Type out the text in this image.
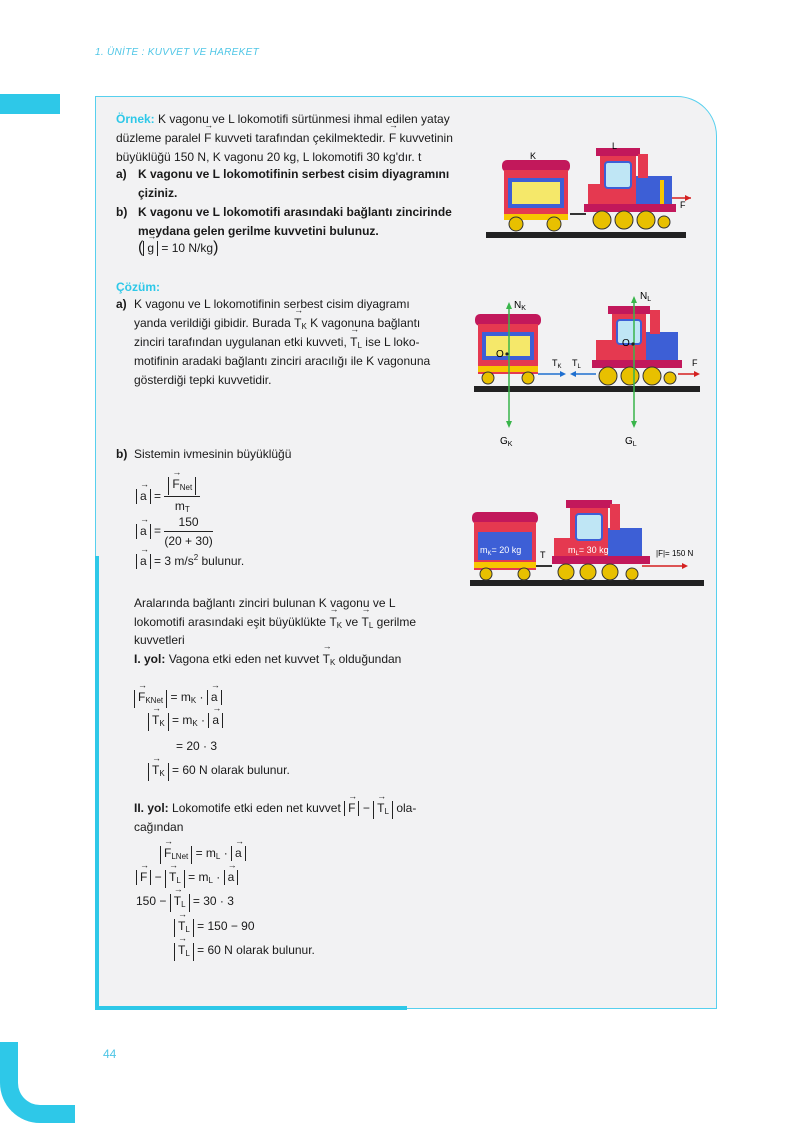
1. ÜNİTE : KUVVET VE HAREKET
44
Örnek: K vagonu ve L lokomotifi sürtünmesi ihmal edilen yatay
düzleme paralel → F kuvveti tarafından çekilmektedir. → F kuvvetinin
büyüklüğü 150 N, K vagonu 20 kg, L lokomotifi 30 kg'dır. t
a) K vagonu ve L lokomotifinin serbest cisim diyagramını
çiziniz.
b) K vagonu ve L lokomotifi arasındaki bağlantı zincirinde
meydana gelen gerilme kuvvetini bulunuz.
( → g = 10 N/kg)
Çözüm:
a) K vagonu ve L lokomotifinin serbest cisim diyagramı
yanda verildiği gibidir. Burada → $T_K$ K vagonuna bağlantı
zinciri tarafından uygulanan etki kuvveti, → $T_L$ ise L loko-
motifinin aradaki bağlantı zinciri aracılığı ile K vagonuna
gösterdiği tepki kuvvetidir.
b) Sistemin ivmesinin büyüklüğü
→ a = → $\frac{F_{Net}}{m_T}$
→ $a = \frac{150}{(20 + 30)}$
→ a = 3 $m/s^2$ bulunur.
Aralarında bağlantı zinciri bulunan K vagonu ve L
lokomotifi arasındaki eşit büyüklükte → $T_K$ ve → $T_L$ gerilme
kuvvetleri
I. yol: Vagona etki eden net kuvvet → $T_K$ olduğundan
→ $F_{KNet} = m_K$ · → a
→ $T_K = m_K$ · → a
= 20 · 3
→ $T_K = 60$ N olarak bulunur.
II. yol: Lokomotife etki eden net kuvvet → F − → $T_L$ ola-
cağından
→ $F_{LNet} = m_L$ · → a
→ F − → $T_L = m_L$ · → a
150 − → $T_L = 30 \cdot 3$
→ $T_L = 150 - 90$
→ $T_L = 60$ N olarak bulunur.
K
L
F
$N_K$
$N_L$
$G_K$	$G_L$
O
O
$T_K$ $T_L$	F
$m_K= 20$ kg	$m_L= 30$ kg
T	|F|= 150 N
